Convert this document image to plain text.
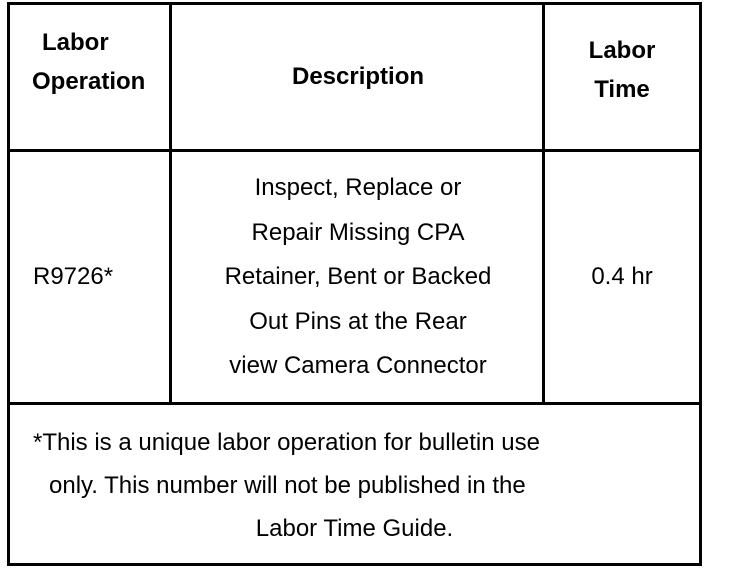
Labor
Operation	Description
Labor
Time
R9726*
Inspect, Replace or
Repair Missing CPA
Retainer, Bent or Backed
Out Pins at the Rear
view Camera Connector
0.4 hr
*This is a unique labor operation for bulletin use
only. This number will not be published in the
Labor Time Guide.
